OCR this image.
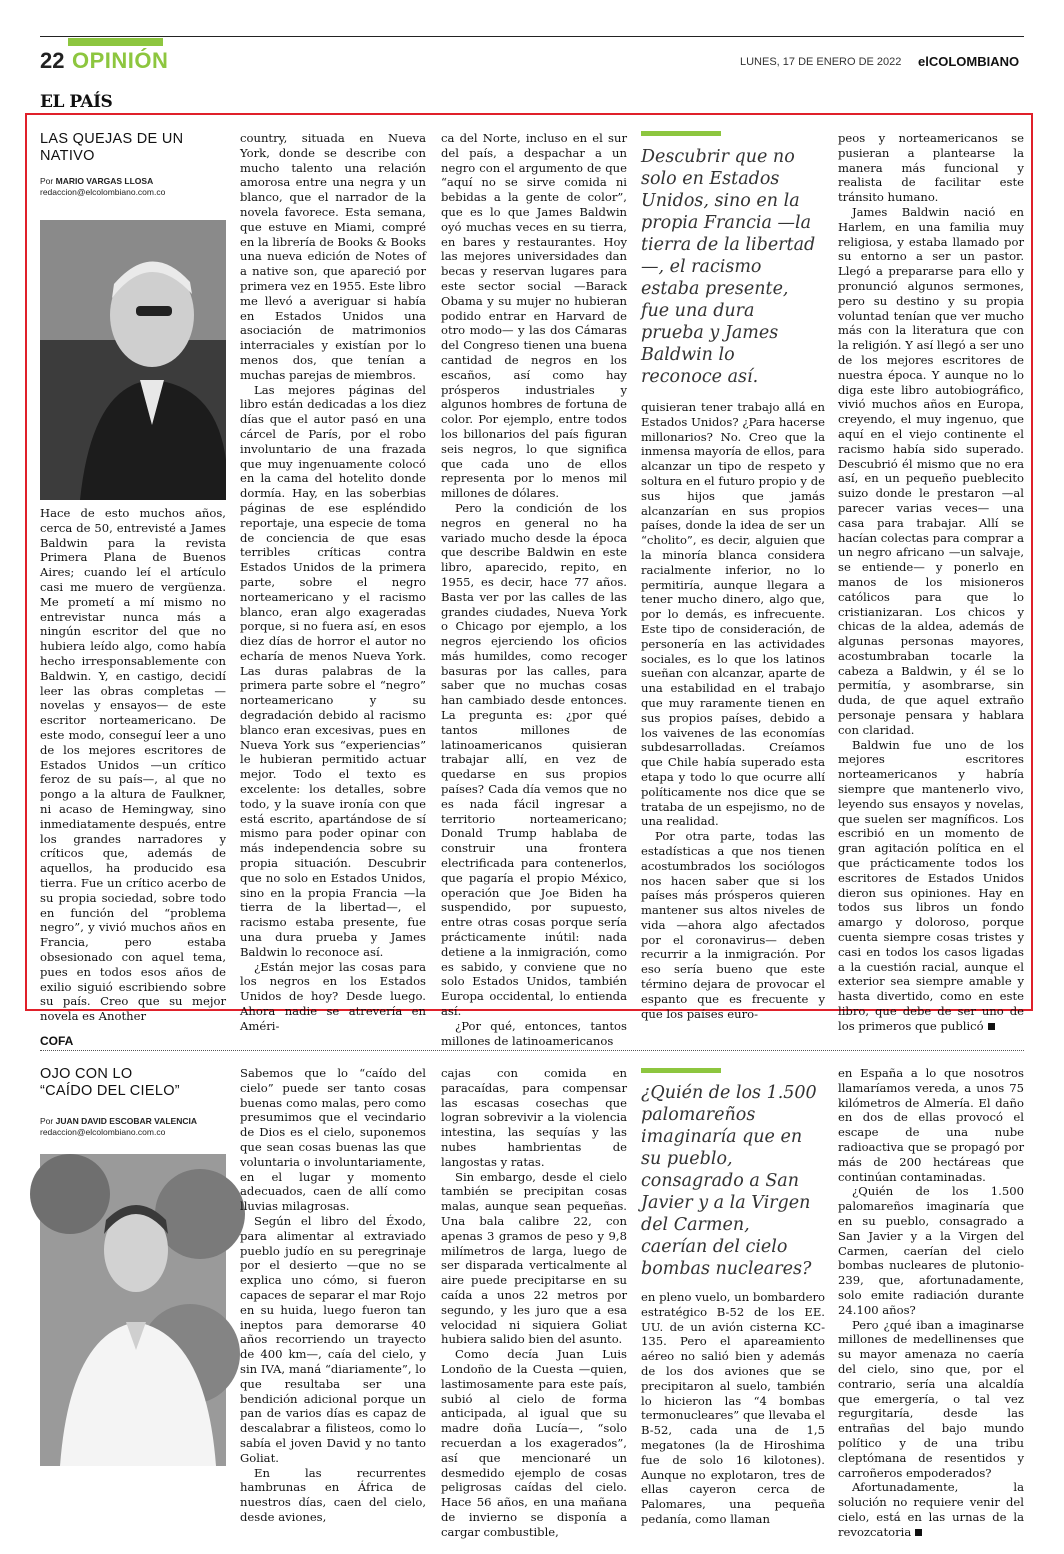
22 OPINIÓN	LUNES, 17 DE ENERO DE 2022 elCOLOMBIANO
EL PAÍS
LAS QUEJAS DE UN NATIVO
Por MARIO VARGAS LLOSA
redaccion@elcolombiano.com.co

Hace de esto muchos años, cerca de 50, entrevisté a James Baldwin para la revista Primera Plana de Buenos Aires; cuando leí el artículo casi me muero de vergüenza. Me prometí a mí mismo no entrevistar nunca más a ningún escritor del que no hubiera leído algo, como había hecho irresponsablemente con Baldwin. Y, en castigo, decidí leer las obras completas —novelas y ensayos— de este escritor norteamericano. De este modo, conseguí leer a uno de los mejores escritores de Estados Unidos —un crítico feroz de su país—, al que no pongo a la altura de Faulkner, ni acaso de Hemingway, sino inmediatamente después, entre los grandes narradores y críticos que, además de aquellos, ha producido esa tierra. Fue un crítico acerbo de su propia sociedad, sobre todo en función del “problema negro”, y vivió muchos años en Francia, pero estaba obsesionado con aquel tema, pues en todos esos años de exilio siguió escribiendo sobre su país. Creo que su mejor novela es Another

country, situada en Nueva York, donde se describe con mucho talento una relación amorosa entre una negra y un blanco, que el narrador de la novela favorece. Esta semana, que estuve en Miami, compré en la librería de Books & Books una nueva edición de Notes of a native son, que apareció por primera vez en 1955. Este libro me llevó a averiguar si había en Estados Unidos una asociación de matrimonios interraciales y existían por lo menos dos, que tenían a muchas parejas de miembros.

Las mejores páginas del libro están dedicadas a los diez días que el autor pasó en una cárcel de París, por el robo involuntario de una frazada que muy ingenuamente colocó en la cama del hotelito donde dormía. Hay, en las soberbias páginas de ese espléndido reportaje, una especie de toma de conciencia de que esas terribles críticas contra Estados Unidos de la primera parte, sobre el negro norteamericano y el racismo blanco, eran algo exageradas porque, si no fuera así, en esos diez días de horror el autor no echaría de menos Nueva York. Las duras palabras de la primera parte sobre el “negro” norteamericano y su degradación debido al racismo blanco eran excesivas, pues en Nueva York sus “experiencias” le hubieran permitido actuar mejor. Todo el texto es excelente: los detalles, sobre todo, y la suave ironía con que está escrito, apartándose de sí mismo para poder opinar con más independencia sobre su propia situación. Descubrir que no solo en Estados Unidos, sino en la propia Francia —la tierra de la libertad—, el racismo estaba presente, fue una dura prueba y James Baldwin lo reconoce así.

¿Están mejor las cosas para los negros en los Estados Unidos de hoy? Desde luego. Ahora nadie se atrevería en Améri-

ca del Norte, incluso en el sur del país, a despachar a un negro con el argumento de que “aquí no se sirve comida ni bebidas a la gente de color”, que es lo que James Baldwin oyó muchas veces en su tierra, en bares y restaurantes. Hoy las mejores universidades dan becas y reservan lugares para este sector social —Barack Obama y su mujer no hubieran podido entrar en Harvard de otro modo— y las dos Cámaras del Congreso tienen una buena cantidad de negros en los escaños, así como hay prósperos industriales y algunos hombres de fortuna de color. Por ejemplo, entre todos los billonarios del país figuran seis negros, lo que significa que cada uno de ellos representa por lo menos mil millones de dólares.

Pero la condición de los negros en general no ha variado mucho desde la época que describe Baldwin en este libro, aparecido, repito, en 1955, es decir, hace 77 años. Basta ver por las calles de las grandes ciudades, Nueva York o Chicago por ejemplo, a los negros ejerciendo los oficios más humildes, como recoger basuras por las calles, para saber que no muchas cosas han cambiado desde entonces. La pregunta es: ¿por qué tantos millones de latinoamericanos quisieran trabajar allí, en vez de quedarse en sus propios países? Cada día vemos que no es nada fácil ingresar a territorio norteamericano; Donald Trump hablaba de construir una frontera electrificada para contenerlos, que pagaría el propio México, operación que Joe Biden ha suspendido, por supuesto, entre otras cosas porque sería prácticamente inútil: nada detiene a la inmigración, como es sabido, y conviene que no solo Estados Unidos, también Europa occidental, lo entienda así.

¿Por qué, entonces, tantos millones de latinoamericanos

Descubrir que no solo en Estados Unidos, sino en la propia Francia —la tierra de la libertad—, el racismo estaba presente, fue una dura prueba y James Baldwin lo reconoce así.

quisieran tener trabajo allá en Estados Unidos? ¿Para hacerse millonarios? No. Creo que la inmensa mayoría de ellos, para alcanzar un tipo de respeto y soltura en el futuro propio y de sus hijos que jamás alcanzarían en sus propios países, donde la idea de ser un “cholito”, es decir, alguien que la minoría blanca considera racialmente inferior, no lo permitiría, aunque llegara a tener mucho dinero, algo que, por lo demás, es infrecuente. Este tipo de consideración, de personería en las actividades sociales, es lo que los latinos sueñan con alcanzar, aparte de una estabilidad en el trabajo que muy raramente tienen en sus propios países, debido a los vaivenes de las economías subdesarrolladas. Creíamos que Chile había superado esta etapa y todo lo que ocurre allí políticamente nos dice que se trataba de un espejismo, no de una realidad.

Por otra parte, todas las estadísticas a que nos tienen acostumbrados los sociólogos nos hacen saber que si los países más prósperos quieren mantener sus altos niveles de vida —ahora algo afectados por el coronavirus— deben recurrir a la inmigración. Por eso sería bueno que este término dejara de provocar el espanto que es frecuente y que los países euro-

peos y norteamericanos se pusieran a plantearse la manera más funcional y realista de facilitar este tránsito humano.

James Baldwin nació en Harlem, en una familia muy religiosa, y estaba llamado por su entorno a ser un pastor. Llegó a prepararse para ello y pronunció algunos sermones, pero su destino y su propia voluntad tenían que ver mucho más con la literatura que con la religión. Y así llegó a ser uno de los mejores escritores de nuestra época. Y aunque no lo diga este libro autobiográfico, vivió muchos años en Europa, creyendo, el muy ingenuo, que aquí en el viejo continente el racismo había sido superado. Descubrió él mismo que no era así, en un pequeño pueblecito suizo donde le prestaron —al parecer varias veces— una casa para trabajar. Allí se hacían colectas para comprar a un negro africano —un salvaje, se entiende— y ponerlo en manos de los misioneros católicos para que lo cristianizaran. Los chicos y chicas de la aldea, además de algunas personas mayores, acostumbraban tocarle la cabeza a Baldwin, y él se lo permitía, y asombrarse, sin duda, de que aquel extraño personaje pensara y hablara con claridad.

Baldwin fue uno de los mejores escritores norteamericanos y habría siempre que mantenerlo vivo, leyendo sus ensayos y novelas, que suelen ser magníficos. Los escribió en un momento de gran agitación política en el que prácticamente todos los escritores de Estados Unidos dieron sus opiniones. Hay en todos sus libros un fondo amargo y doloroso, porque cuenta siempre cosas tristes y casi en todos los casos ligadas a la cuestión racial, aunque el exterior sea siempre amable y hasta divertido, como en este libro, que debe de ser uno de los primeros que publicó

COFA
OJO CON LO
“CAÍDO DEL CIELO”
Por JUAN DAVID ESCOBAR VALENCIA
redaccion@elcolombiano.com.co

Sabemos que lo “caído del cielo” puede ser tanto cosas buenas como malas, pero como presumimos que el vecindario de Dios es el cielo, suponemos que sean cosas buenas las que voluntaria o involuntariamente, en el lugar y momento adecuados, caen de allí como lluvias milagrosas.

Según el libro del Éxodo, para alimentar al extraviado pueblo judío en su peregrinaje por el desierto —que no se explica uno cómo, si fueron capaces de separar el mar Rojo en su huida, luego fueron tan ineptos para demorarse 40 años recorriendo un trayecto de 400 km—, caía del cielo, y sin IVA, maná “diariamente”, lo que resultaba ser una bendición adicional porque un pan de varios días es capaz de descalabrar a filisteos, como lo sabía el joven David y no tanto Goliat.

En las recurrentes hambrunas en África de nuestros días, caen del cielo, desde aviones,

cajas con comida en paracaídas, para compensar las escasas cosechas que logran sobrevivir a la violencia intestina, las sequías y las nubes hambrientas de langostas y ratas.

Sin embargo, desde el cielo también se precipitan cosas malas, aunque sean pequeñas. Una bala calibre 22, con apenas 3 gramos de peso y 9,8 milímetros de larga, luego de ser disparada verticalmente al aire puede precipitarse en su caída a unos 22 metros por segundo, y les juro que a esa velocidad ni siquiera Goliat hubiera salido bien del asunto.

Como decía Juan Luis Londoño de la Cuesta —quien, lastimosamente para este país, subió al cielo de forma anticipada, al igual que su madre doña Lucía—, “solo recuerdan a los exagerados”, así que mencionaré un desmedido ejemplo de cosas peligrosas caídas del cielo. Hace 56 años, en una mañana de invierno se disponía a cargar combustible,

¿Quién de los 1.500 palomareños imaginaría que en su pueblo, consagrado a San Javier y a la Virgen del Carmen, caerían del cielo bombas nucleares?

en pleno vuelo, un bombardero estratégico B-52 de los EE. UU. de un avión cisterna KC-135. Pero el apareamiento aéreo no salió bien y además de los dos aviones que se precipitaron al suelo, también lo hicieron las “4 bombas termonucleares” que llevaba el B-52, cada una de 1,5 megatones (la de Hiroshima fue de solo 16 kilotones). Aunque no explotaron, tres de ellas cayeron cerca de Palomares, una pequeña pedanía, como llaman

en España a lo que nosotros llamaríamos vereda, a unos 75 kilómetros de Almería. El daño en dos de ellas provocó el escape de una nube radioactiva que se propagó por más de 200 hectáreas que continúan contaminadas.

¿Quién de los 1.500 palomareños imaginaría que en su pueblo, consagrado a San Javier y a la Virgen del Carmen, caerían del cielo bombas nucleares de plutonio-239, que, afortunadamente, solo emite radiación durante 24.100 años?

Pero ¿qué iban a imaginarse millones de medellinenses que su mayor amenaza no caería del cielo, sino que, por el contrario, sería una alcaldía que emergería, o tal vez regurgitaría, desde las entrañas del bajo mundo político y de una tribu cleptómana de resentidos y carroñeros empoderados?

Afortunadamente, la solución no requiere venir del cielo, está en las urnas de la revozcatoria
